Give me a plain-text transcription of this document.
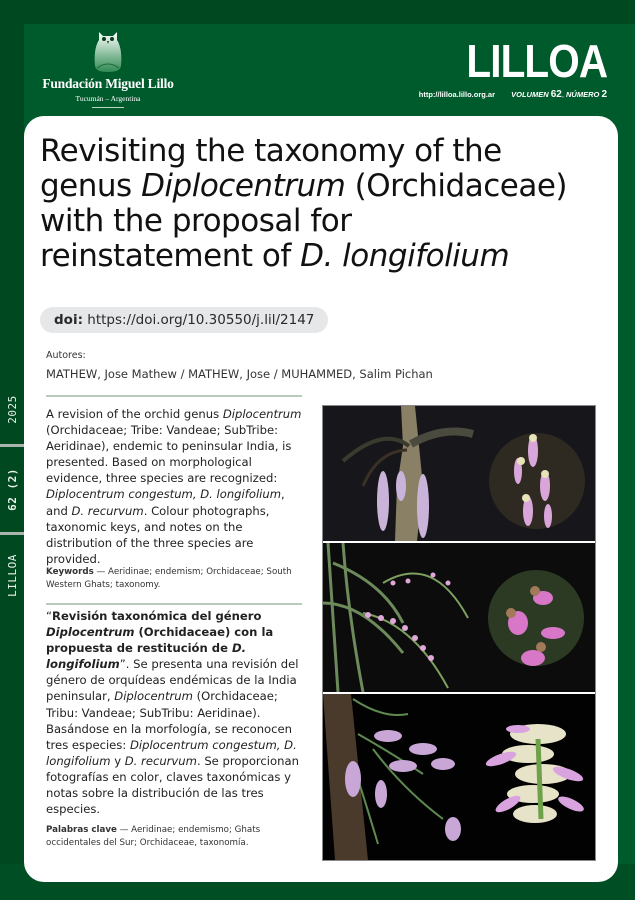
Fundación Miguel Lillo
Tucumán – Argentina
LILLOA
http://lilloa.lillo.org.ar VOLUMEN 62, NÚMERO 2
2025
62 (2)
LILLOA
Revisiting the taxonomy of the
genus Diplocentrum (Orchidaceae)
with the proposal for
reinstatement of D. longifolium
doi: https://doi.org/10.30550/j.lil/2147
Autores:
MATHEW, Jose Mathew / MATHEW, Jose / MUHAMMED, Salim Pichan

A revision of the orchid genus Diplocentrum (Orchidaceae; Tribe: Vandeae; SubTribe: Aeridinae), endemic to peninsular India, is presented. Based on morphological evidence, three species are recognized: Diplocentrum congestum, D. longifolium, and D. recurvum. Colour photographs, taxonomic keys, and notes on the distribution of the three species are provided.

Keywords — Aeridinae; endemism; Orchidaceae; South Western Ghats; taxonomy.

“Revisión taxonómica del género Diplocentrum (Orchidaceae) con la propuesta de restitución de D. longifolium”. Se presenta una revisión del género de orquídeas endémicas de la India peninsular, Diplocentrum (Orchidaceae; Tribu: Vandeae; SubTribu: Aeridinae). Basándose en la morfología, se reconocen tres especies: Diplocentrum congestum, D. longifolium y D. recurvum. Se proporcionan fotografías en color, claves taxonómicas y notas sobre la distribución de las tres especies.

Palabras clave — Aeridinae; endemismo; Ghats occidentales del Sur; Orchidaceae, taxonomía.
